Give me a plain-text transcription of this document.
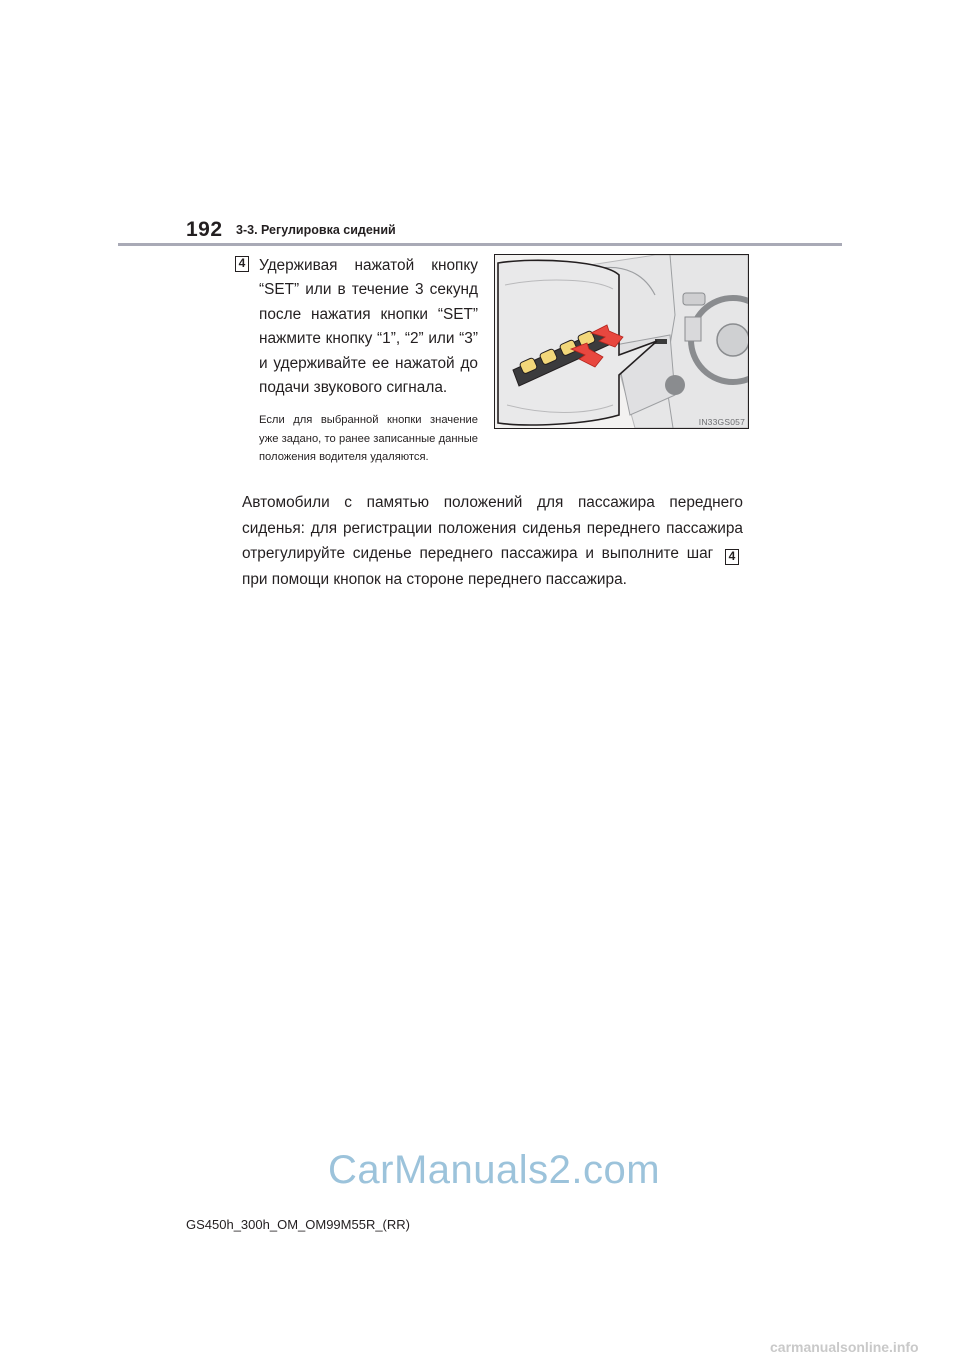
192 3-3. Регулировка сидений
4 Удерживая нажатой кнопку “SET” или в течение 3 секунд после нажатия кнопки “SET” нажмите кнопку “1”, “2” или “3” и удерживайте ее нажатой до подачи звукового сигнала.
Если для выбранной кнопки значение уже задано, то ранее записанные данные положения водителя удаляются.
IN33GS057
Автомобили с памятью положений для пассажира переднего сиденья: для регистрации положения сиденья переднего пассажира отрегулируйте сиденье переднего пассажира и выполните шаг 4 при помощи кнопок на стороне переднего пассажира.
CarManuals2.com
GS450h_300h_OM_OM99M55R_(RR)
carmanualsonline.info
